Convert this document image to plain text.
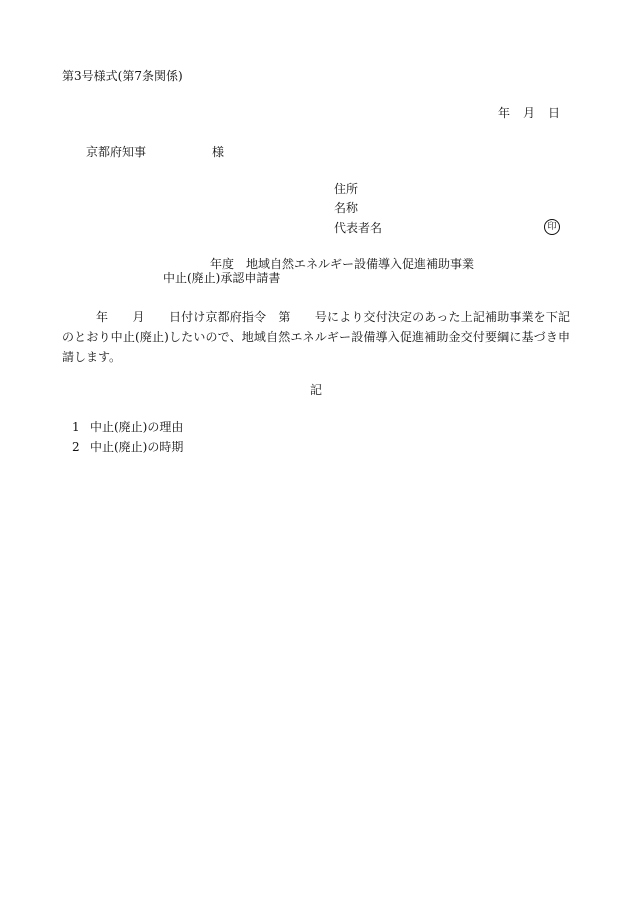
第3号様式(第7条関係)
年 月 日
京都府知事	様
住所
名称
代表者名	印
年度　地域自然エネルギー設備導入促進補助事業
中止(廃止)承認申請書
年　　月　　日付け京都府指令　第　　号により交付決定のあった上記補助事業を下記のとおり中止(廃止)したいので、地域自然エネルギー設備導入促進補助金交付要綱に基づき申請します。
記
1 中止(廃止)の理由
2 中止(廃止)の時期
